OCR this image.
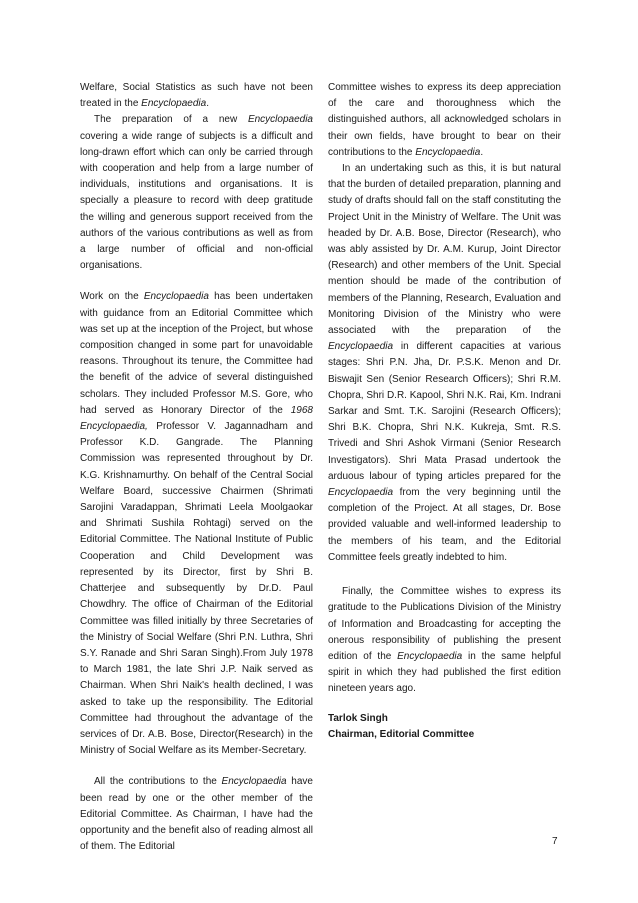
Welfare, Social Statistics as such have not been treated in the Encyclopaedia.

The preparation of a new Encyclopaedia covering a wide range of subjects is a difficult and long-drawn effort which can only be carried through with cooperation and help from a large number of individuals, institutions and organisations. It is specially a pleasure to record with deep gratitude the willing and generous support received from the authors of the various contributions as well as from a large number of official and non-official organisations.

Work on the Encyclopaedia has been undertaken with guidance from an Editorial Committee which was set up at the inception of the Project, but whose composition changed in some part for unavoidable reasons. Throughout its tenure, the Committee had the benefit of the advice of several distinguished scholars. They included Professor M.S. Gore, who had served as Honorary Director of the 1968 Encyclopaedia, Professor V. Jagannadham and Professor K.D. Gangrade. The Planning Commission was represented throughout by Dr. K.G. Krishnamurthy. On behalf of the Central Social Welfare Board, successive Chairmen (Shrimati Sarojini Varadappan, Shrimati Leela Moolgaokar and Shrimati Sushila Rohtagi) served on the Editorial Committee. The National Institute of Public Cooperation and Child Development was represented by its Director, first by Shri B. Chatterjee and subsequently by Dr.D. Paul Chowdhry. The office of Chairman of the Editorial Committee was filled initially by three Secretaries of the Ministry of Social Welfare (Shri P.N. Luthra, Shri S.Y. Ranade and Shri Saran Singh).From July 1978 to March 1981, the late Shri J.P. Naik served as Chairman. When Shri Naik's health declined, I was asked to take up the responsibility. The Editorial Committee had throughout the advantage of the services of Dr. A.B. Bose, Director(Research) in the Ministry of Social Welfare as its Member-Secretary.

All the contributions to the Encyclopaedia have been read by one or the other member of the Editorial Committee. As Chairman, I have had the opportunity and the benefit also of reading almost all of them. The Editorial

Committee wishes to express its deep appreciation of the care and thoroughness which the distinguished authors, all acknowledged scholars in their own fields, have brought to bear on their contributions to the Encyclopaedia.

In an undertaking such as this, it is but natural that the burden of detailed preparation, planning and study of drafts should fall on the staff constituting the Project Unit in the Ministry of Welfare. The Unit was headed by Dr. A.B. Bose, Director (Research), who was ably assisted by Dr. A.M. Kurup, Joint Director (Research) and other members of the Unit. Special mention should be made of the contribution of members of the Planning, Research, Evaluation and Monitoring Division of the Ministry who were associated with the preparation of the Encyclopaedia in different capacities at various stages: Shri P.N. Jha, Dr. P.S.K. Menon and Dr. Biswajit Sen (Senior Research Officers); Shri R.M. Chopra, Shri D.R. Kapool, Shri N.K. Rai, Km. Indrani Sarkar and Smt. T.K. Sarojini (Research Officers); Shri B.K. Chopra, Shri N.K. Kukreja, Smt. R.S. Trivedi and Shri Ashok Virmani (Senior Research Investigators). Shri Mata Prasad undertook the arduous labour of typing articles prepared for the Encyclopaedia from the very beginning until the completion of the Project. At all stages, Dr. Bose provided valuable and well-informed leadership to the members of his team, and the Editorial Committee feels greatly indebted to him.

Finally, the Committee wishes to express its gratitude to the Publications Division of the Ministry of Information and Broadcasting for accepting the onerous responsibility of publishing the present edition of the Encyclopaedia in the same helpful spirit in which they had published the first edition nineteen years ago.

Tarlok Singh

Chairman, Editorial Committee

7
